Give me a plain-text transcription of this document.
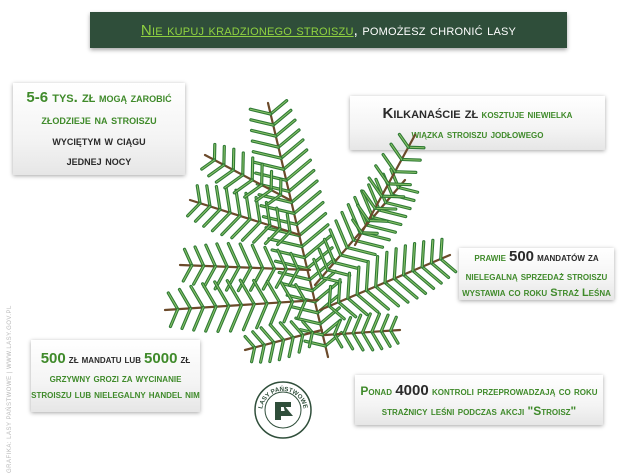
Nie kupuj kradzionego stroiszu , pomożesz chronić lasy
5-6 tys. zł mogą zarobić
złodzieje na stroiszu
wyciętym w ciągu
jednej nocy
Kilkanaście zł kosztuje niewielka
wiązka stroiszu jodłowego
prawie 500 mandatów za
nielegalną sprzedaż stroiszu
wystawia co roku Straż Leśna
500 zł mandatu lub 5000 zł
grzywny grozi za wycinanie
stroiszu lub nielegalny handel nim	Ponad 4000 kontroli przeprowadzają co roku
strażnicy leśni podczas akcji "Stroisz"
GRAFIKA: LASY PAŃSTWOWE | WWW.LASY.GOV.PL	LASY PAŃSTWOWE
